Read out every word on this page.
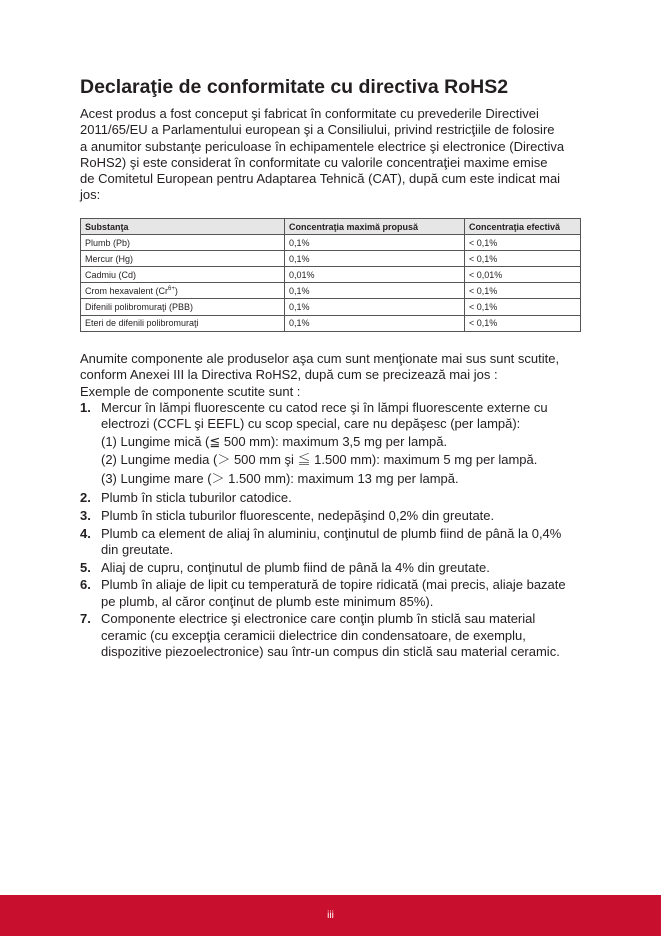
Declaraţie de conformitate cu directiva RoHS2
Acest produs a fost conceput şi fabricat în conformitate cu prevederile Directivei
2011/65/EU a Parlamentului european şi a Consiliului, privind restricţiile de folosire
a anumitor substanţe periculoase în echipamentele electrice şi electronice (Directiva
RoHS2) şi este considerat în conformitate cu valorile concentraţiei maxime emise
de Comitetul European pentru Adaptarea Tehnică (CAT), după cum este indicat mai
jos:
Substanţa	Concentraţia maximă propusă	Concentraţia efectivă
Plumb (Pb)	0,1%	< 0,1%
Mercur (Hg)	0,1%	< 0,1%
Cadmiu (Cd)	0,01%	< 0,01%
Crom hexavalent $(Cr^{6+})$	0,1%	< 0,1%
Difenili polibromuraţi (PBB)	0,1%	< 0,1%
Eteri de difenili polibromuraţi	0,1%	< 0,1%
Anumite componente ale produselor aşa cum sunt menţionate mai sus sunt scutite,
conform Anexei III la Directiva RoHS2, după cum se precizează mai jos :
Exemple de componente scutite sunt :
1. Mercur în lămpi fluorescente cu catod rece şi în lămpi fluorescente externe cu
electrozi (CCFL şi EEFL) cu scop special, care nu depăşesc (per lampă):
(1) Lungime mică (≦ 500 mm): maximum 3,5 mg per lampă.
(2) Lungime media (＞ 500 mm şi ≦ 1.500 mm): maximum 5 mg per lampă.
(3) Lungime mare (＞ 1.500 mm): maximum 13 mg per lampă.
2. Plumb în sticla tuburilor catodice.
3. Plumb în sticla tuburilor fluorescente, nedepăşind 0,2% din greutate.
4. Plumb ca element de aliaj în aluminiu, conţinutul de plumb fiind de până la 0,4%
din greutate.
5. Aliaj de cupru, conţinutul de plumb fiind de până la 4% din greutate.
6. Plumb în aliaje de lipit cu temperatură de topire ridicată (mai precis, aliaje bazate
pe plumb, al căror conţinut de plumb este minimum 85%).
7. Componente electrice şi electronice care conţin plumb în sticlă sau material
ceramic (cu excepţia ceramicii dielectrice din condensatoare, de exemplu,
dispozitive piezoelectronice) sau într-un compus din sticlă sau material ceramic.
iii
